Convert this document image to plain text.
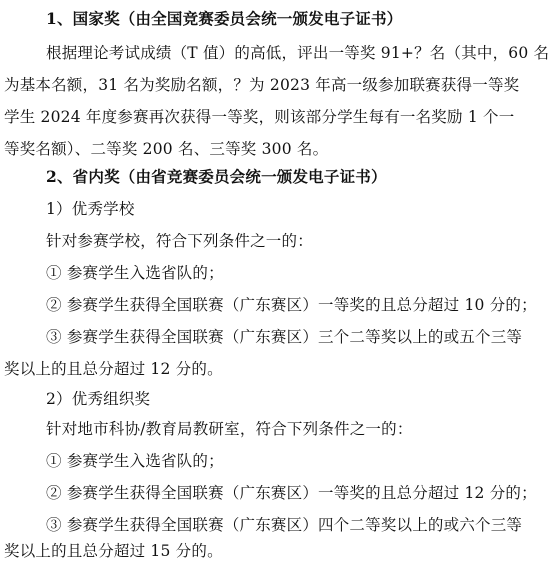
1、国家奖（由全国竞赛委员会统一颁发电子证书）
根据理论考试成绩（T 值）的高低，评出一等奖 91+？名（其中，60 名
为基本名额，31 名为奖励名额，？为 2023 年高一级参加联赛获得一等奖
学生 2024 年度参赛再次获得一等奖，则该部分学生每有一名奖励 1 个一
等奖名额）、二等奖 200 名、三等奖 300 名。
2、省内奖（由省竞赛委员会统一颁发电子证书）
1）优秀学校
针对参赛学校，符合下列条件之一的：
① 参赛学生入选省队的；
② 参赛学生获得全国联赛（广东赛区）一等奖的且总分超过 10 分的；
③ 参赛学生获得全国联赛（广东赛区）三个二等奖以上的或五个三等
奖以上的且总分超过 12 分的。
2）优秀组织奖
针对地市科协/教育局教研室，符合下列条件之一的：
① 参赛学生入选省队的；
② 参赛学生获得全国联赛（广东赛区）一等奖的且总分超过 12 分的；
③ 参赛学生获得全国联赛（广东赛区）四个二等奖以上的或六个三等
奖以上的且总分超过 15 分的。
